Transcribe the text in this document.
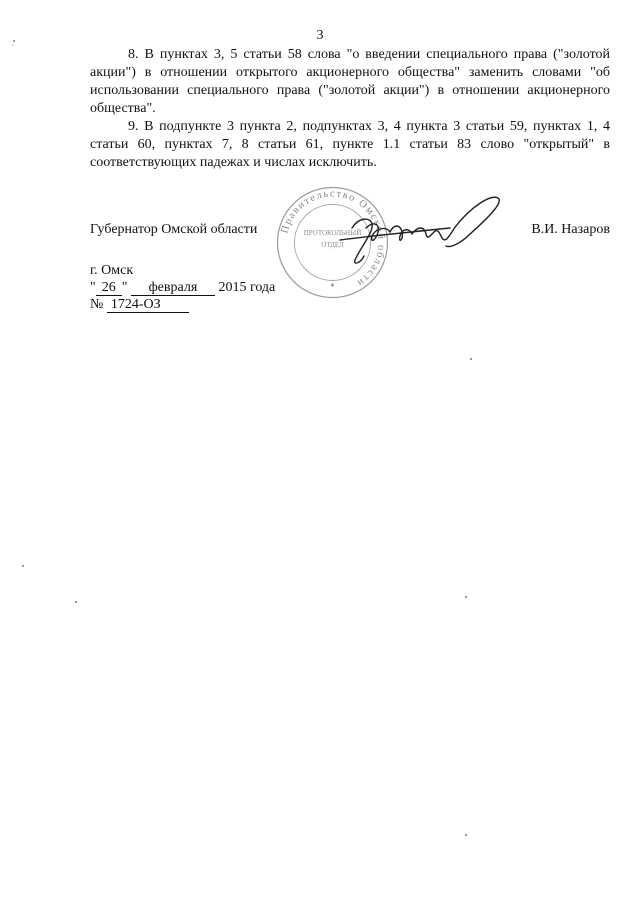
3

8. В пунктах 3, 5 статьи 58 слова "о введении специального права ("золотой акции") в отношении открытого акционерного общества" заменить словами "об использовании специального права ("золотой акции") в отношении акционерного общества".

9. В подпункте 3 пункта 2, подпунктах 3, 4 пункта 3 статьи 59, пунктах 1, 4 статьи 60, пунктах 7, 8 статьи 61, пункте 1.1 статьи 83 слово "открытый" в соответствующих падежах и числах исключить.

Правительство Омской области
ПРОТОКОЛЬНЫЙ
ОТДЕЛ
Губернатор Омской области	В.И. Назаров
г. Омск
" 26 " февраля 2015 года
№ 1724-ОЗ
